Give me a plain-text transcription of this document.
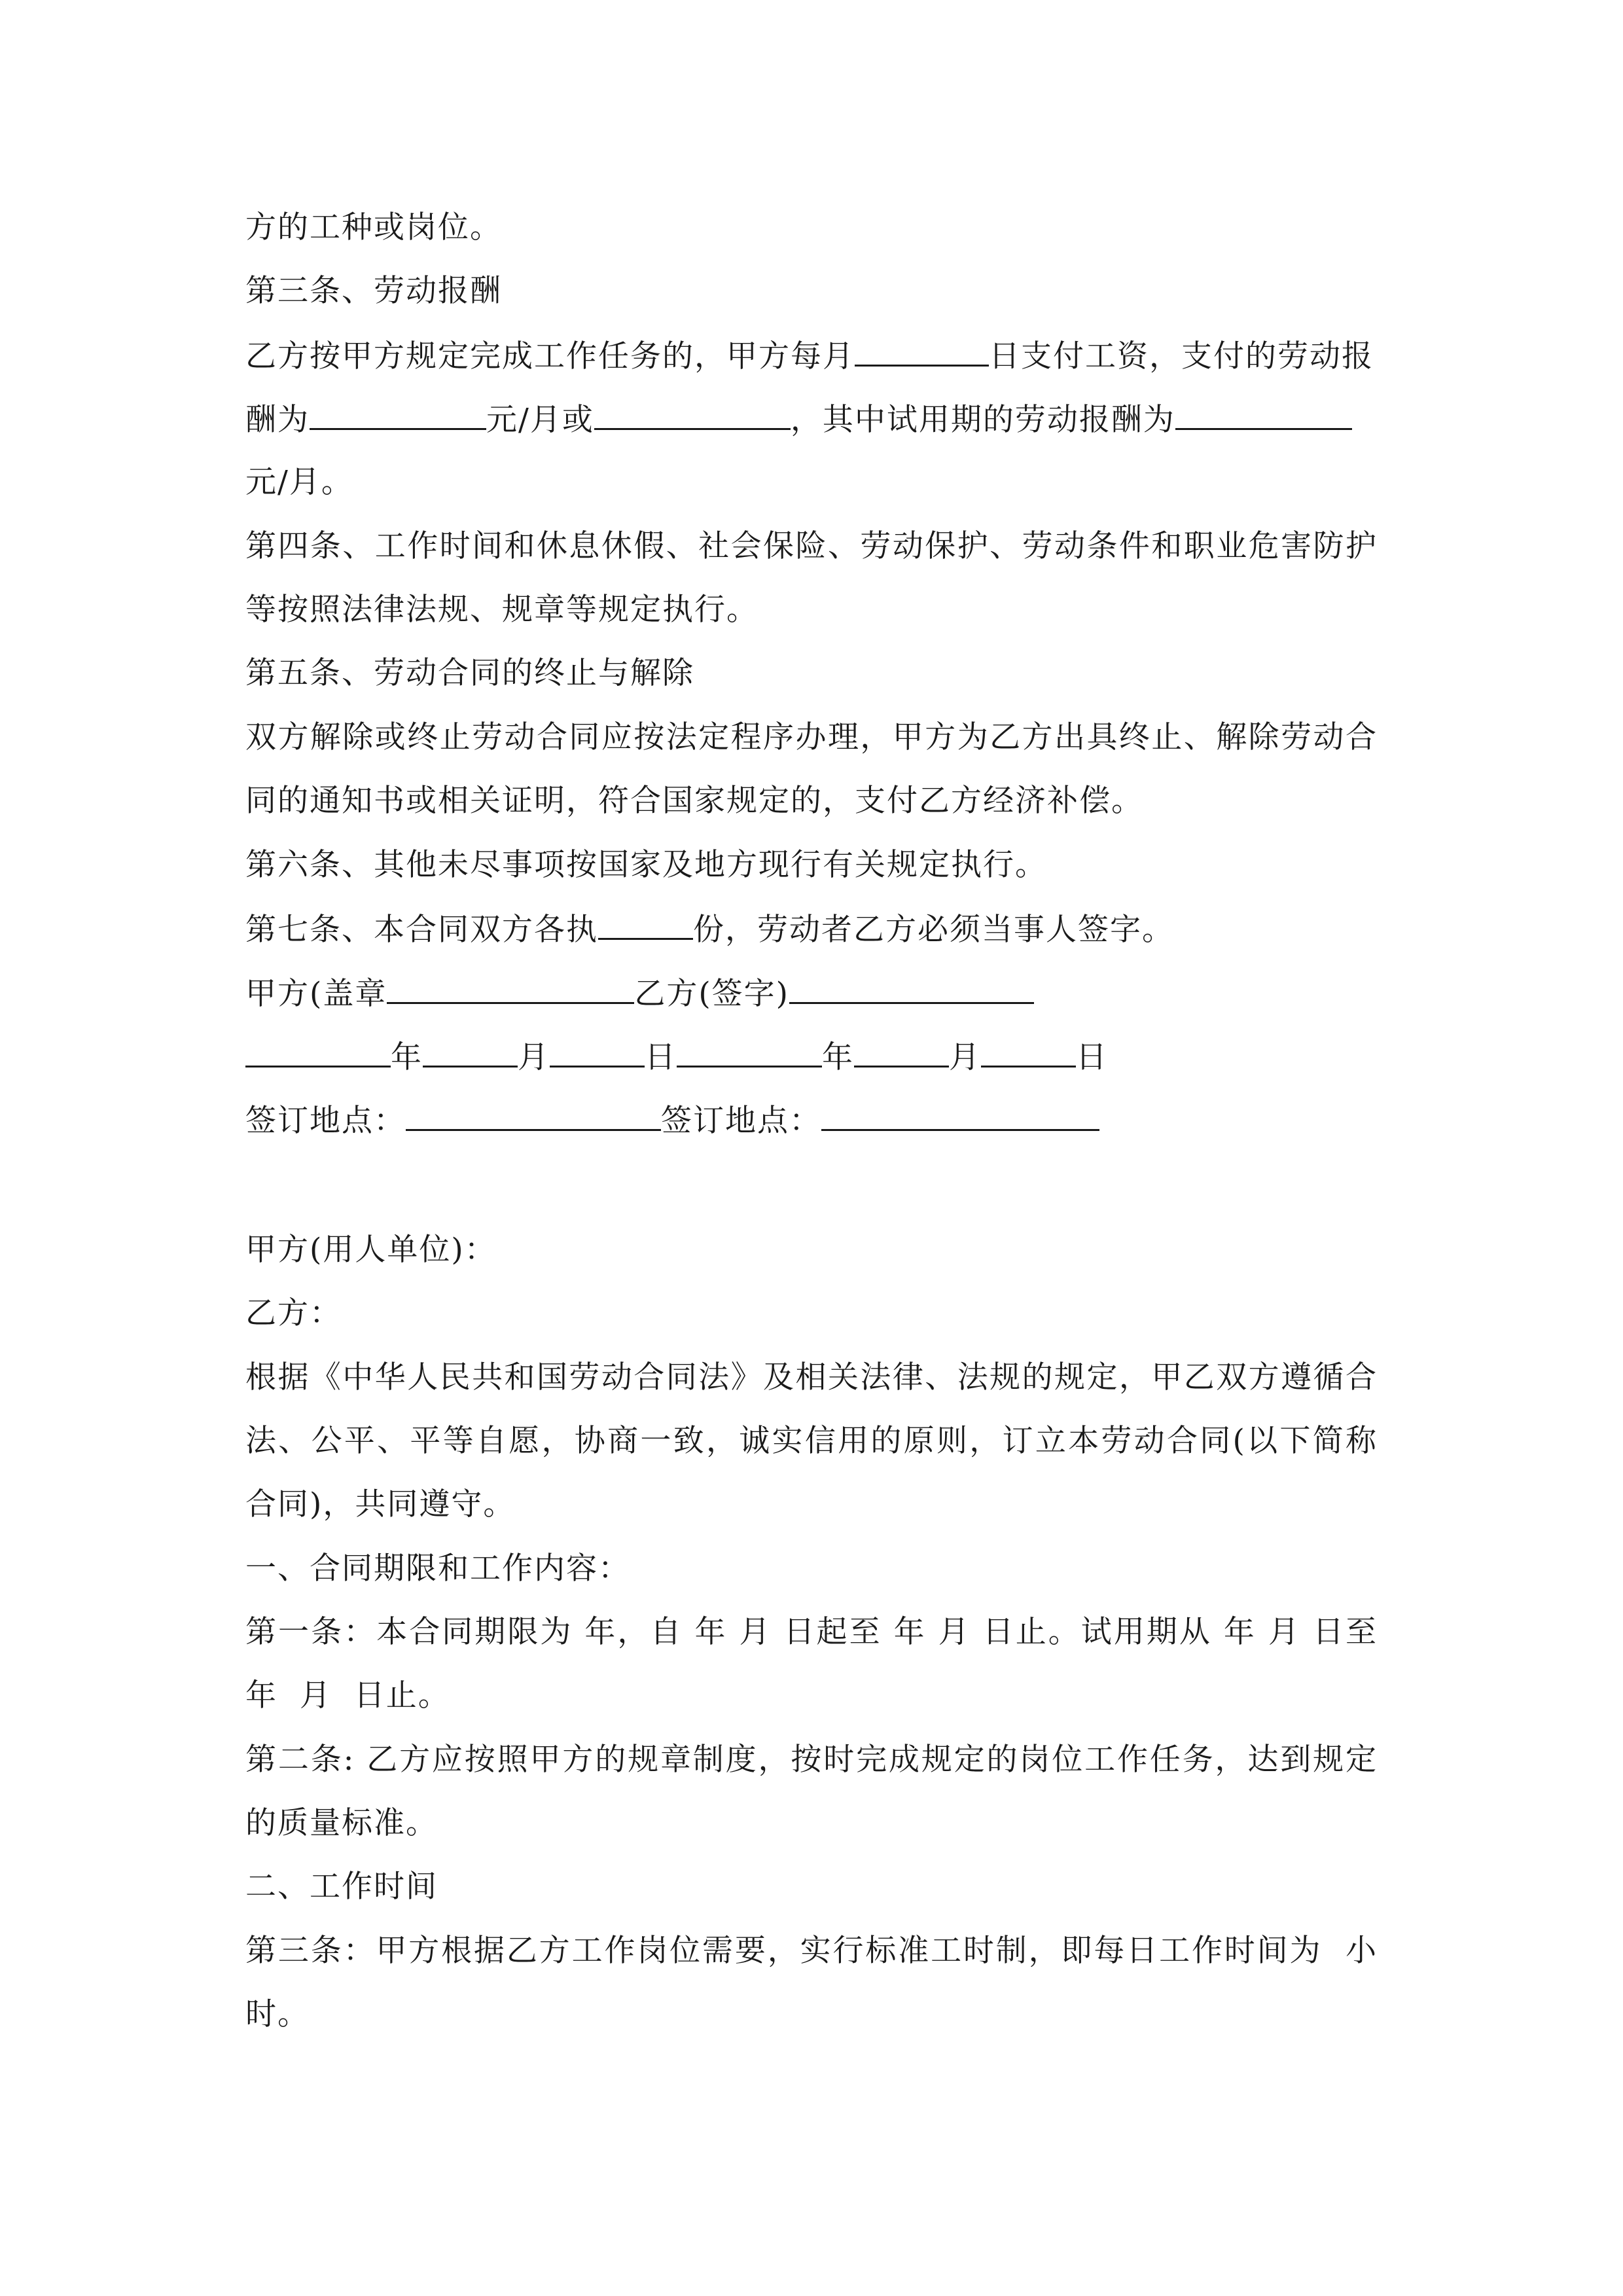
方的工种或岗位。
第三条、劳动报酬
乙方按甲方规定完成工作任务的，甲方每月	日支付工资，支付的劳动报
酬为	元/月或	，其中试用期的劳动报酬为
元/月。
第四条、工作时间和休息休假、社会保险、劳动保护、劳动条件和职业危害防护
等按照法律法规、规章等规定执行。
第五条、劳动合同的终止与解除
双方解除或终止劳动合同应按法定程序办理，甲方为乙方出具终止、解除劳动合
同的通知书或相关证明，符合国家规定的，支付乙方经济补偿。
第六条、其他未尽事项按国家及地方现行有关规定执行。
第七条、本合同双方各执	份，劳动者乙方必须当事人签字。
甲方(盖章	乙方(签字)
年	月	日	年	月	日
签订地点：	签订地点：
甲方(用人单位)：
乙方：
根据《中华人民共和国劳动合同法》及相关法律、法规的规定，甲乙双方遵循合
法、公平、平等自愿，协商一致，诚实信用的原则，订立本劳动合同(以下简称
合同)，共同遵守。
一、合同期限和工作内容：
第一条：本合同期限为 年，自 年 月 日起至 年 月 日止。试用期从 年 月 日至
年  月  日止。
第二条: 乙方应按照甲方的规章制度，按时完成规定的岗位工作任务，达到规定
的质量标准。
二、工作时间
第三条：甲方根据乙方工作岗位需要，实行标准工时制，即每日工作时间为  小
时。
